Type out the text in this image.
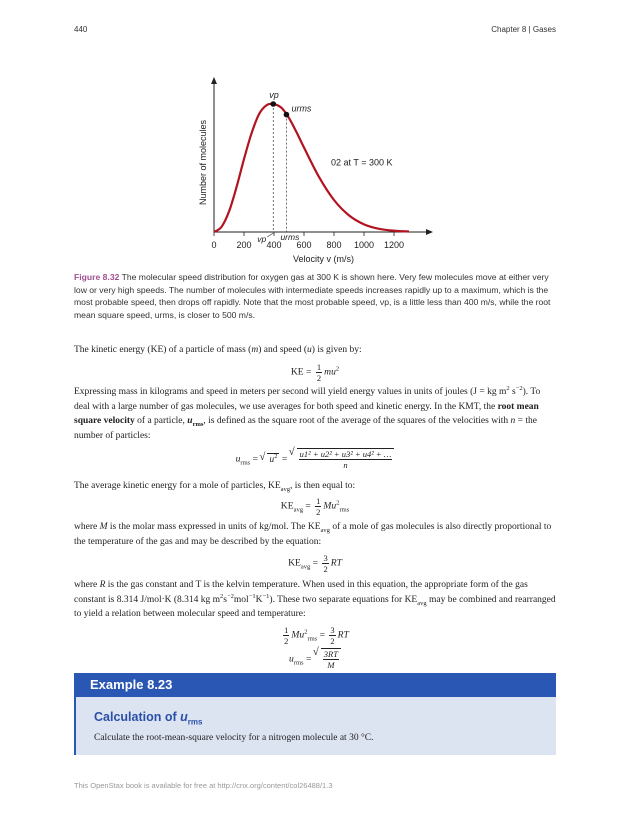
440	Chapter 8 | Gases
0 200 400 600 800 1000 1200
Velocity v (m/s)
Number of molecules
vp
urms
vp urms
02 at T = 300 K
Figure 8.32 The molecular speed distribution for oxygen gas at 300 K is shown here. Very few molecules move at either very low or very high speeds. The number of molecules with intermediate speeds increases rapidly up to a maximum, which is the most probable speed, then drops off rapidly. Note that the most probable speed, νp, is a little less than 400 m/s, while the root mean square speed, urms, is closer to 500 m/s.
The kinetic energy (KE) of a particle of mass (m) and speed (u) is given by:
KE = $\frac{1}{2} mu^2$
Expressing mass in kilograms and speed in meters per second will yield energy values in units of joules (J = kg $m^2$ $s^{-2}$). To deal with a large number of gas molecules, we use averages for both speed and kinetic energy. In the KMT, the root mean square velocity of a particle, $u_{rms}$, is defined as the square root of the average of the squares of the velocities with n = the number of particles:
$u_{rms}$ = √ $\overline{u}^2$ = √ $\frac{\text{u1² + u2² + u3² + u4² + …}}{n}$
The average kinetic energy for a mole of particles, $KE_{avg}$, is then equal to:
$KE_{avg} = \frac{1}{2} Mu^2_{rms}$
where M is the molar mass expressed in units of kg/mol. The $KE_{avg}$ of a mole of gas molecules is also directly proportional to the temperature of the gas and may be described by the equation:
$KE_{avg} = \frac{3}{2}$ RT
where R is the gas constant and T is the kelvin temperature. When used in this equation, the appropriate form of the gas constant is 8.314 J/mol⋅K (8.314 kg $m^2s^{-2}mol^{-1}K^{-1}$). These two separate equations for $KE_{avg}$ may be combined and rearranged to yield a relation between molecular speed and temperature:
$\frac{1}{2} Mu^2_{rms} = \frac{3}{2}$ RT
$u_{rms}$ = √ $\frac{3RT}{M}$
Example 8.23
Calculation of $u_{rms}$
Calculate the root-mean-square velocity for a nitrogen molecule at 30 °C.
This OpenStax book is available for free at http://cnx.org/content/col26488/1.3
